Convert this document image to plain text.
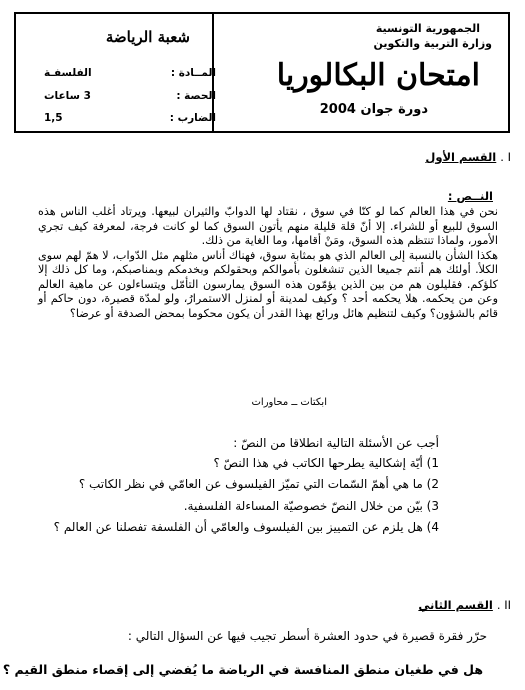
الجمهورية التونسية
وزارة التربية والتكوين
امتحان البكالوريا
دورة جوان 2004
شعبة الرياضة
المــادة :
الفلسفـة
الحصة :
3 ساعات
الضارب :
1,5
I . القسم الأول
النــص :

نحن في هذا العالم كما لو كنّا في سوق ، نقتاد لها الدوابّ والثيران لبيعها. ويرتاد أغلب الناس هذه السوق للبيع أو للشراء. إلا أنّ قلة قليلة منهم يأتون السوق كما لو كانت فرجة، لمعرفة كيف تجري الأمور، ولماذا تنتظم هذه السوق، ومَنْ أقامها، وما الغاية من ذلك.

هكذا الشأن بالنسبة إلى العالم الذي هو بمثابة سوق، فهناك أناس مثلهم مثل الدّواب، لا همّ لهم سوى الكلأ. أولئك هم أنتم جميعا الذين تنشغلون بأموالكم وبحقولكم وبخدمكم وبمناصبكم، وما كل ذلك إلا كلؤكم. فقليلون هم من بين الذين يؤمّون هذه السوق يمارسون التأمّل ويتساءلون عن ماهية العالم وعن من يحكمه. هلا يحكمه أحد ؟ وكيف لمدينة أو لمنزل الاستمرارُ، ولو لمدّة قصيرة، دون حاكم أو قائم بالشؤون؟ وكيف لتنظيم هائل ورائع بهذا القدر أن يكون محكوما بمحض الصدفة أو عرضا؟

ابكتات ــ محاورات
أجب عن الأسئلة التالية انطلاقا من النصّ :
1) أيّة إشكالية يطرحها الكاتب في هذا النصّ ؟
2) ما هي أهمّ السّمات التي تميّز الفيلسوف عن العامّي في نظر الكاتب ؟
3) بيّن من خلال النصّ خصوصيّة المساءلة الفلسفية.
4) هل يلزم عن التمييز بين الفيلسوف والعامّي أن الفلسفة تفصلنا عن العالم ؟
II . القسم الثاني
حرّر فقرة قصيرة في حدود العشرة أسطر تجيب فيها عن السؤال التالي :
هل في طغيان منطق المنافسة في الرياضة ما يُفضي إلى إقصاء منطق القيم ؟
